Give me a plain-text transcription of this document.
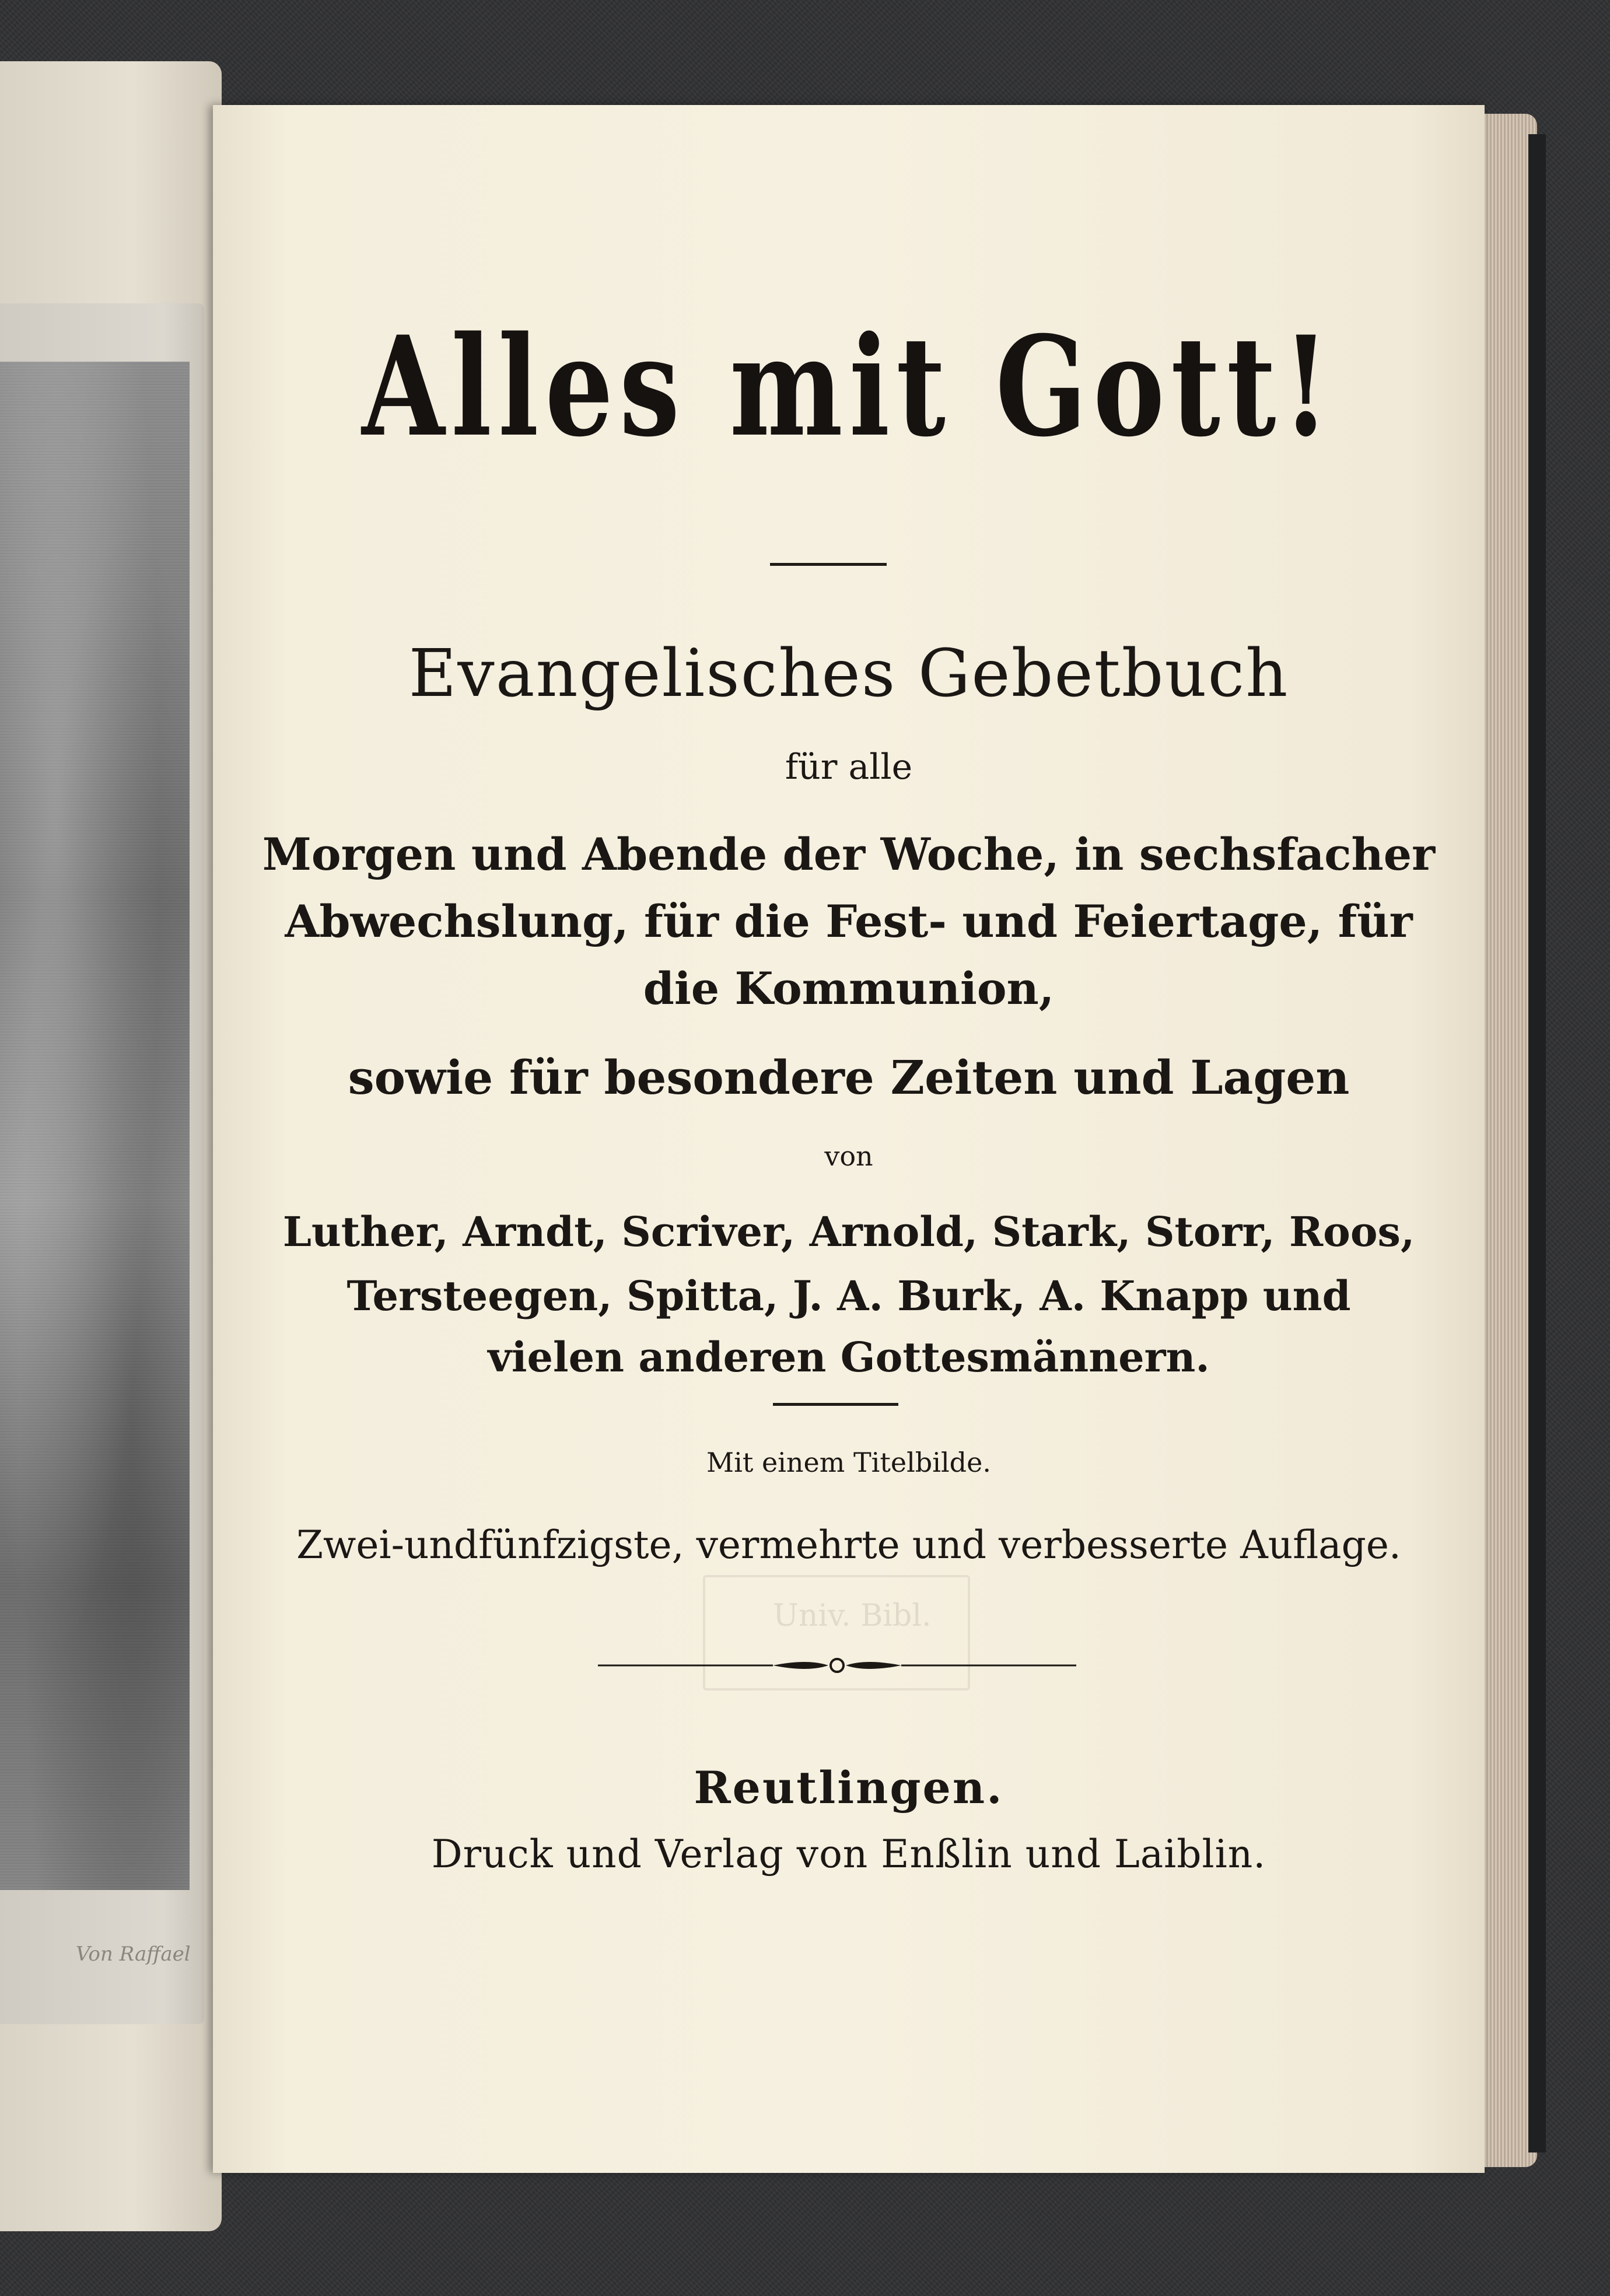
Von Raffael
Univ. Bibl.
Alles mit Gott!
Evangelisches Gebetbuch
für alle
Morgen und Abende der Woche, in sechsfacher
Abwechslung, für die Fest- und Feiertage, für
die Kommunion,
sowie für besondere Zeiten und Lagen
von
Luther, Arndt, Scriver, Arnold, Stark, Storr, Roos,
Tersteegen, Spitta, J. A. Burk, A. Knapp und
vielen anderen Gottesmännern.
Mit einem Titelbilde.
Zwei-undfünfzigste, vermehrte und verbesserte Auflage.
Reutlingen.
Druck und Verlag von Enßlin und Laiblin.
